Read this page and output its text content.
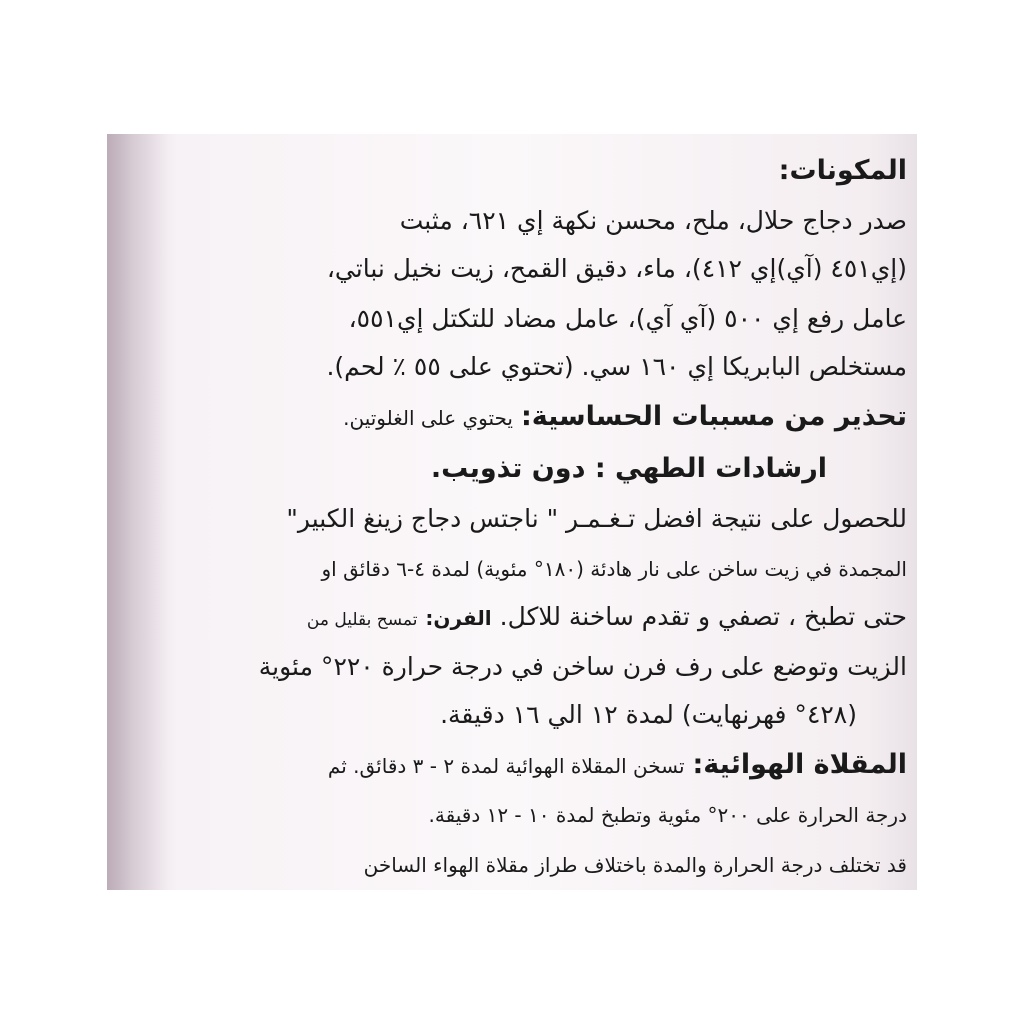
المكونات:
صدر دجاج حلال، ملح، محسن نكهة إي ٦٢١، مثبت
(إي٤٥١ (آي)إي ٤١٢)، ماء، دقيق القمح، زيت نخيل نباتي،
عامل رفع إي ٥٠٠ (آي آي)، عامل مضاد للتكتل إي٥٥١،
مستخلص البابريكا إي ١٦٠ سي. (تحتوي على ٥٥ ٪ لحم).
تحذير من مسببات الحساسية: يحتوي على الغلوتين.
ارشادات الطهي : دون تذويب.
للحصول على نتيجة افضل تـغـمـر " ناجتس دجاج زينغ الكبير"
المجمدة في زيت ساخن على نار هادئة (١٨٠° مئوية) لمدة ٤-٦ دقائق او
حتى تطبخ ، تصفي و تقدم ساخنة للاكل. الفرن: تمسح بقليل من
الزيت وتوضع على رف فرن ساخن في درجة حرارة ٢٢٠° مئوية
(٤٢٨° فهرنهايت) لمدة ١٢ الي ١٦ دقيقة.
المقلاة الهوائية: تسخن المقلاة الهوائية لمدة ٢ - ٣ دقائق. ثم
درجة الحرارة على ٢٠٠° مئوية وتطبخ لمدة ١٠ - ١٢ دقيقة.
قد تختلف درجة الحرارة والمدة باختلاف طراز مقلاة الهواء الساخن
